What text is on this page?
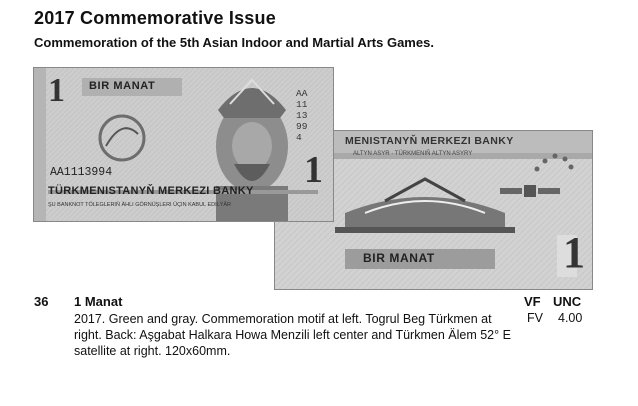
2017 Commemorative Issue
Commemoration of the 5th Asian Indoor and Martial Arts Games.
MENISTANYŇ MERKEZI BANKY
ALTYN ASYR · TÜRKMENIŇ ALTYN ASYRY
BIR MANAT	1
BIR MANAT
1
AA1113994
AA1113994
1
TÜRKMENISTANYŇ MERKEZI BANKY
ŞU BANKNOT TÖLEGLERIŇ ÄHLI GÖRNÜŞLERI ÜÇIN KABUL EDILÝÄR
36 1 Manat
2017. Green and gray. Commemoration motif at left. Togrul Beg Türkmen at right. Back: Aşgabat Halkara Howa Menzili left center and Türkmen Älem 52° E satellite at right. 120x60mm.
VF UNC
FV 4.00
